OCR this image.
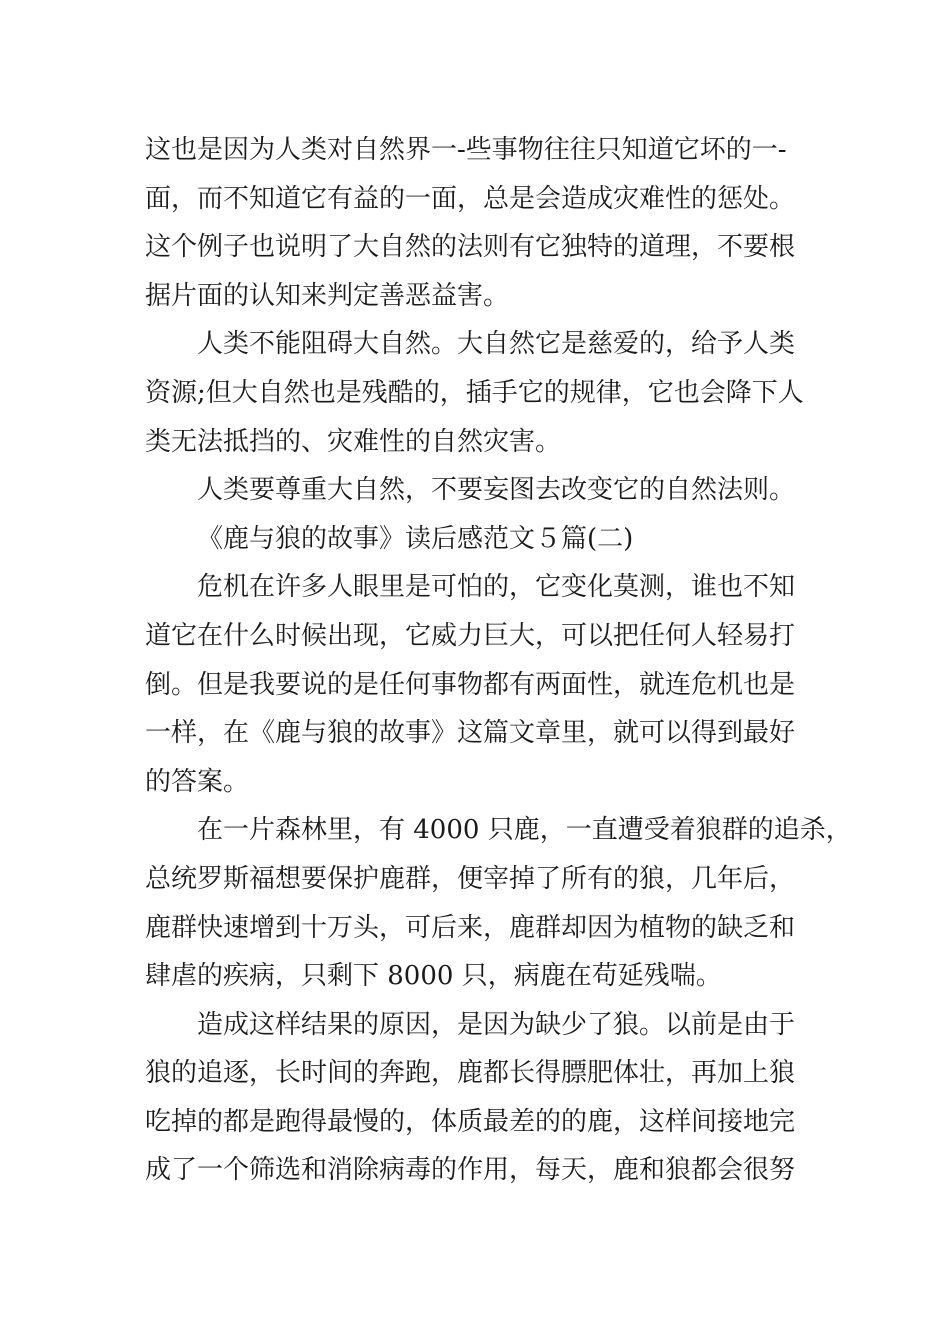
这也是因为人类对自然界一-些事物往往只知道它坏的一-
面，而不知道它有益的一面，总是会造成灾难性的惩处。
这个例子也说明了大自然的法则有它独特的道理，不要根
据片面的认知来判定善恶益害。
人类不能阻碍大自然。大自然它是慈爱的，给予人类
资源;但大自然也是残酷的，插手它的规律，它也会降下人
类无法抵挡的、灾难性的自然灾害。
人类要尊重大自然，不要妄图去改变它的自然法则。
《鹿与狼的故事》读后感范文５篇(二)
危机在许多人眼里是可怕的，它变化莫测，谁也不知
道它在什么时候出现，它威力巨大，可以把任何人轻易打
倒。但是我要说的是任何事物都有两面性，就连危机也是
一样，在《鹿与狼的故事》这篇文章里，就可以得到最好
的答案。
在一片森林里，有 4000 只鹿，一直遭受着狼群的追杀，
总统罗斯福想要保护鹿群，便宰掉了所有的狼，几年后，
鹿群快速增到十万头，可后来，鹿群却因为植物的缺乏和
肆虐的疾病，只剩下 8000 只，病鹿在苟延残喘。
造成这样结果的原因，是因为缺少了狼。以前是由于
狼的追逐，长时间的奔跑，鹿都长得膘肥体壮，再加上狼
吃掉的都是跑得最慢的，体质最差的的鹿，这样间接地完
成了一个筛选和消除病毒的作用，每天，鹿和狼都会很努
